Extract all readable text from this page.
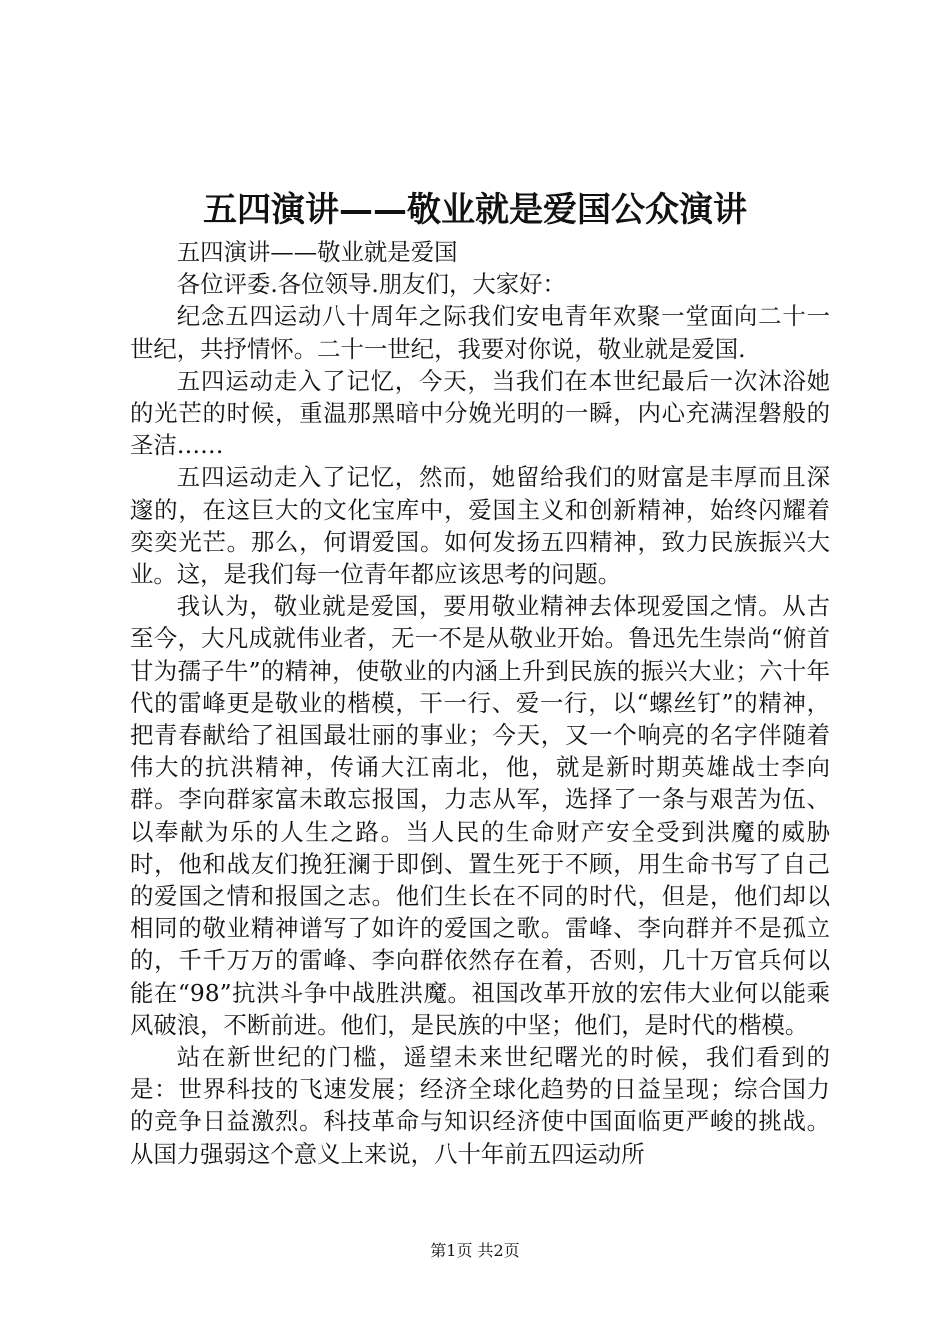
五四演讲——敬业就是爱国公众演讲

五四演讲——敬业就是爱国

各位评委.各位领导.朋友们，大家好：

纪念五四运动八十周年之际我们安电青年欢聚一堂面向二十一世纪，共抒情怀。二十一世纪，我要对你说，敬业就是爱国.

五四运动走入了记忆，今天，当我们在本世纪最后一次沐浴她的光芒的时候，重温那黑暗中分娩光明的一瞬，内心充满涅磐般的圣洁……

五四运动走入了记忆，然而，她留给我们的财富是丰厚而且深邃的，在这巨大的文化宝库中，爱国主义和创新精神，始终闪耀着奕奕光芒。那么，何谓爱国。如何发扬五四精神，致力民族振兴大业。这，是我们每一位青年都应该思考的问题。

我认为，敬业就是爱国，要用敬业精神去体现爱国之情。从古至今，大凡成就伟业者，无一不是从敬业开始。鲁迅先生崇尚“俯首甘为孺子牛”的精神，使敬业的内涵上升到民族的振兴大业；六十年代的雷峰更是敬业的楷模，干一行、爱一行，以“螺丝钉”的精神，把青春献给了祖国最壮丽的事业；今天，又一个响亮的名字伴随着伟大的抗洪精神，传诵大江南北，他，就是新时期英雄战士李向群。李向群家富未敢忘报国，力志从军，选择了一条与艰苦为伍、以奉献为乐的人生之路。当人民的生命财产安全受到洪魔的威胁时，他和战友们挽狂澜于即倒、置生死于不顾，用生命书写了自己的爱国之情和报国之志。他们生长在不同的时代，但是，他们却以相同的敬业精神谱写了如许的爱国之歌。雷峰、李向群并不是孤立的，千千万万的雷峰、李向群依然存在着，否则，几十万官兵何以能在“98”抗洪斗争中战胜洪魔。祖国改革开放的宏伟大业何以能乘风破浪，不断前进。他们，是民族的中坚；他们，是时代的楷模。

站在新世纪的门槛，遥望未来世纪曙光的时候，我们看到的是：世界科技的飞速发展；经济全球化趋势的日益呈现；综合国力的竞争日益激烈。科技革命与知识经济使中国面临更严峻的挑战。从国力强弱这个意义上来说，八十年前五四运动所

第1页 共2页
